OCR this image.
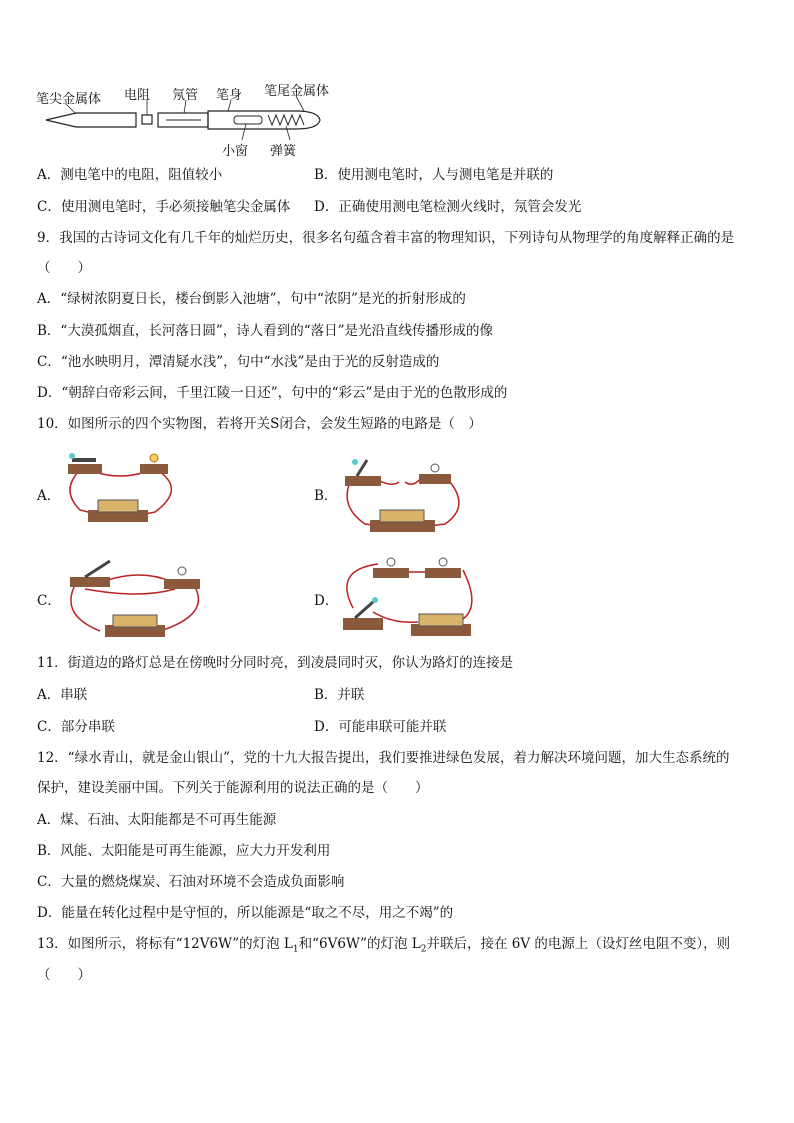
笔尖金属体 电阻 氖管 笔身 笔尾金属体
小窗 弹簧
A．测电笔中的电阻，阻值较小	B．使用测电笔时，人与测电笔是并联的
C．使用测电笔时，手必须接触笔尖金属体 D．正确使用测电笔检测火线时，氖管会发光
9．我国的古诗词文化有几千年的灿烂历史，很多名句蕴含着丰富的物理知识，下列诗句从物理学的角度解释正确的是
（　　）
A．“绿树浓阴夏日长，楼台倒影入池塘”，句中“浓阴”是光的折射形成的
B．“大漠孤烟直，长河落日圆”，诗人看到的“落日”是光沿直线传播形成的像
C．“池水映明月，潭清疑水浅”，句中“水浅”是由于光的反射造成的
D．“朝辞白帝彩云间，千里江陵一日还”，句中的“彩云”是由于光的色散形成的
10．如图所示的四个实物图，若将开关S闭合，会发生短路的电路是（　）
A．	B．
C．	D．
11．街道边的路灯总是在傍晚时分同时亮，到凌晨同时灭，你认为路灯的连接是
A．串联	B．并联
C．部分串联	D．可能串联可能并联
12．“绿水青山，就是金山银山”，党的十九大报告提出，我们要推进绿色发展，着力解决环境问题，加大生态系统的
保护，建设美丽中国。下列关于能源利用的说法正确的是（　　）
A．煤、石油、太阳能都是不可再生能源
B．风能、太阳能是可再生能源，应大力开发利用
C．大量的燃烧煤炭、石油对环境不会造成负面影响
D．能量在转化过程中是守恒的，所以能源是“取之不尽，用之不竭”的
13．如图所示，将标有“12V6W”的灯泡 $L_1$和“6V6W”的灯泡 $L_2$并联后，接在 6V 的电源上（设灯丝电阻不变），则
（　　）
